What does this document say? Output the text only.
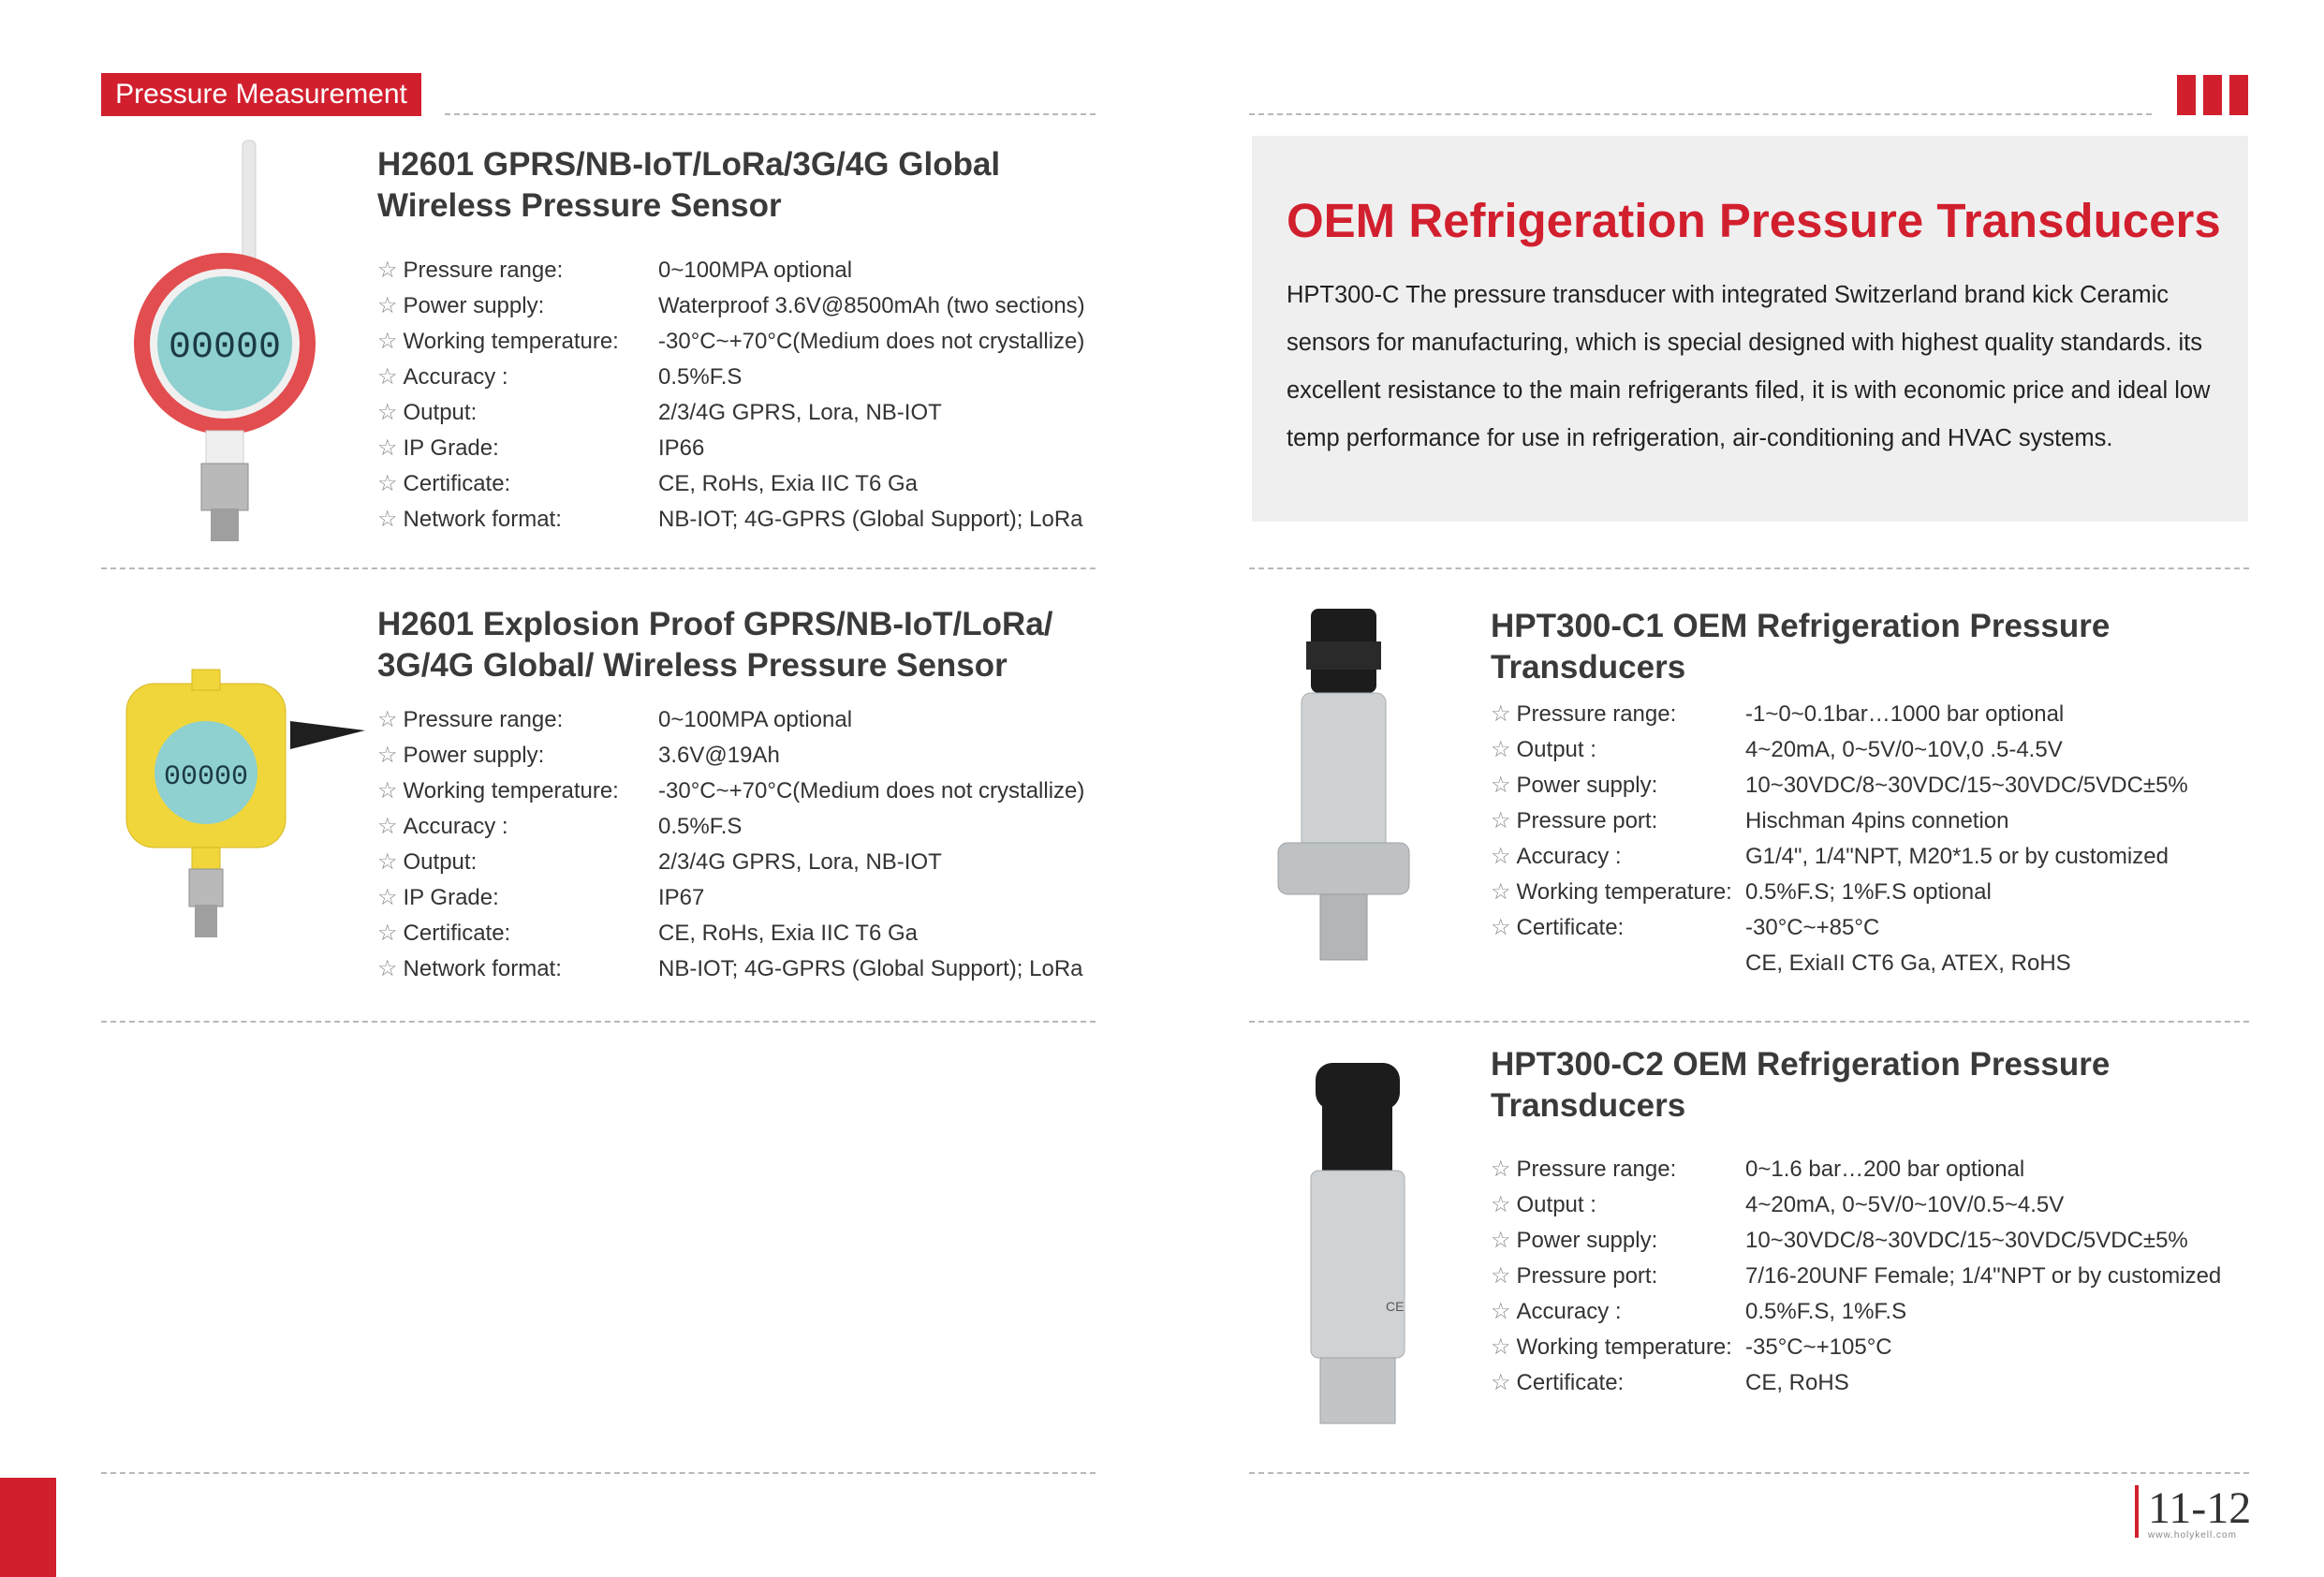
Pressure Measurement
00000
00000
CE
H2601 GPRS/NB-IoT/LoRa/3G/4G Global
Wireless Pressure Sensor
☆ Pressure range:	0~100MPA optional
☆ Power supply:	Waterproof 3.6V@8500mAh (two sections)
☆ Working temperature: -30°C~+70°C(Medium does not crystallize)
☆ Accuracy :	0.5%F.S
☆ Output:	2/3/4G GPRS, Lora, NB-IOT
☆ IP Grade:	IP66
☆ Certificate:	CE, RoHs, Exia IIC T6 Ga
☆ Network format:	NB-IOT; 4G-GPRS (Global Support); LoRa
H2601 Explosion Proof GPRS/NB-IoT/LoRa/
3G/4G Global/ Wireless Pressure Sensor
☆ Pressure range:	0~100MPA optional
☆ Power supply:	3.6V@19Ah
☆ Working temperature: -30°C~+70°C(Medium does not crystallize)
☆ Accuracy :	0.5%F.S
☆ Output:	2/3/4G GPRS, Lora, NB-IOT
☆ IP Grade:	IP67
☆ Certificate:	CE, RoHs, Exia IIC T6 Ga
☆ Network format:	NB-IOT; 4G-GPRS (Global Support); LoRa
OEM Refrigeration Pressure Transducers
HPT300-C The pressure transducer with integrated Switzerland brand kick Ceramic sensors for manufacturing, which is special designed with highest quality standards. its excellent resistance to the main refrigerants filed, it is with economic price and ideal low temp performance for use in refrigeration, air-conditioning and HVAC systems.
HPT300-C1 OEM Refrigeration Pressure
Transducers
☆ Pressure range:	-1~0~0.1bar…1000 bar optional
☆ Output :	4~20mA, 0~5V/0~10V,0 .5-4.5V
☆ Power supply:	10~30VDC/8~30VDC/15~30VDC/5VDC±5%
☆ Pressure port:	Hischman 4pins connetion
☆ Accuracy :	G1/4", 1/4"NPT, M20*1.5 or by customized
☆ Working temperature: 0.5%F.S; 1%F.S optional
☆ Certificate:	-30°C~+85°C
CE, ExiaII CT6 Ga, ATEX, RoHS
HPT300-C2 OEM Refrigeration Pressure
Transducers
☆ Pressure range:	0~1.6 bar…200 bar optional
☆ Output :	4~20mA, 0~5V/0~10V/0.5~4.5V
☆ Power supply:	10~30VDC/8~30VDC/15~30VDC/5VDC±5%
☆ Pressure port:	7/16-20UNF Female; 1/4"NPT or by customized
☆ Accuracy :	0.5%F.S, 1%F.S
☆ Working temperature: -35°C~+105°C
☆ Certificate:	CE, RoHS
11-12
www.holykell.com
